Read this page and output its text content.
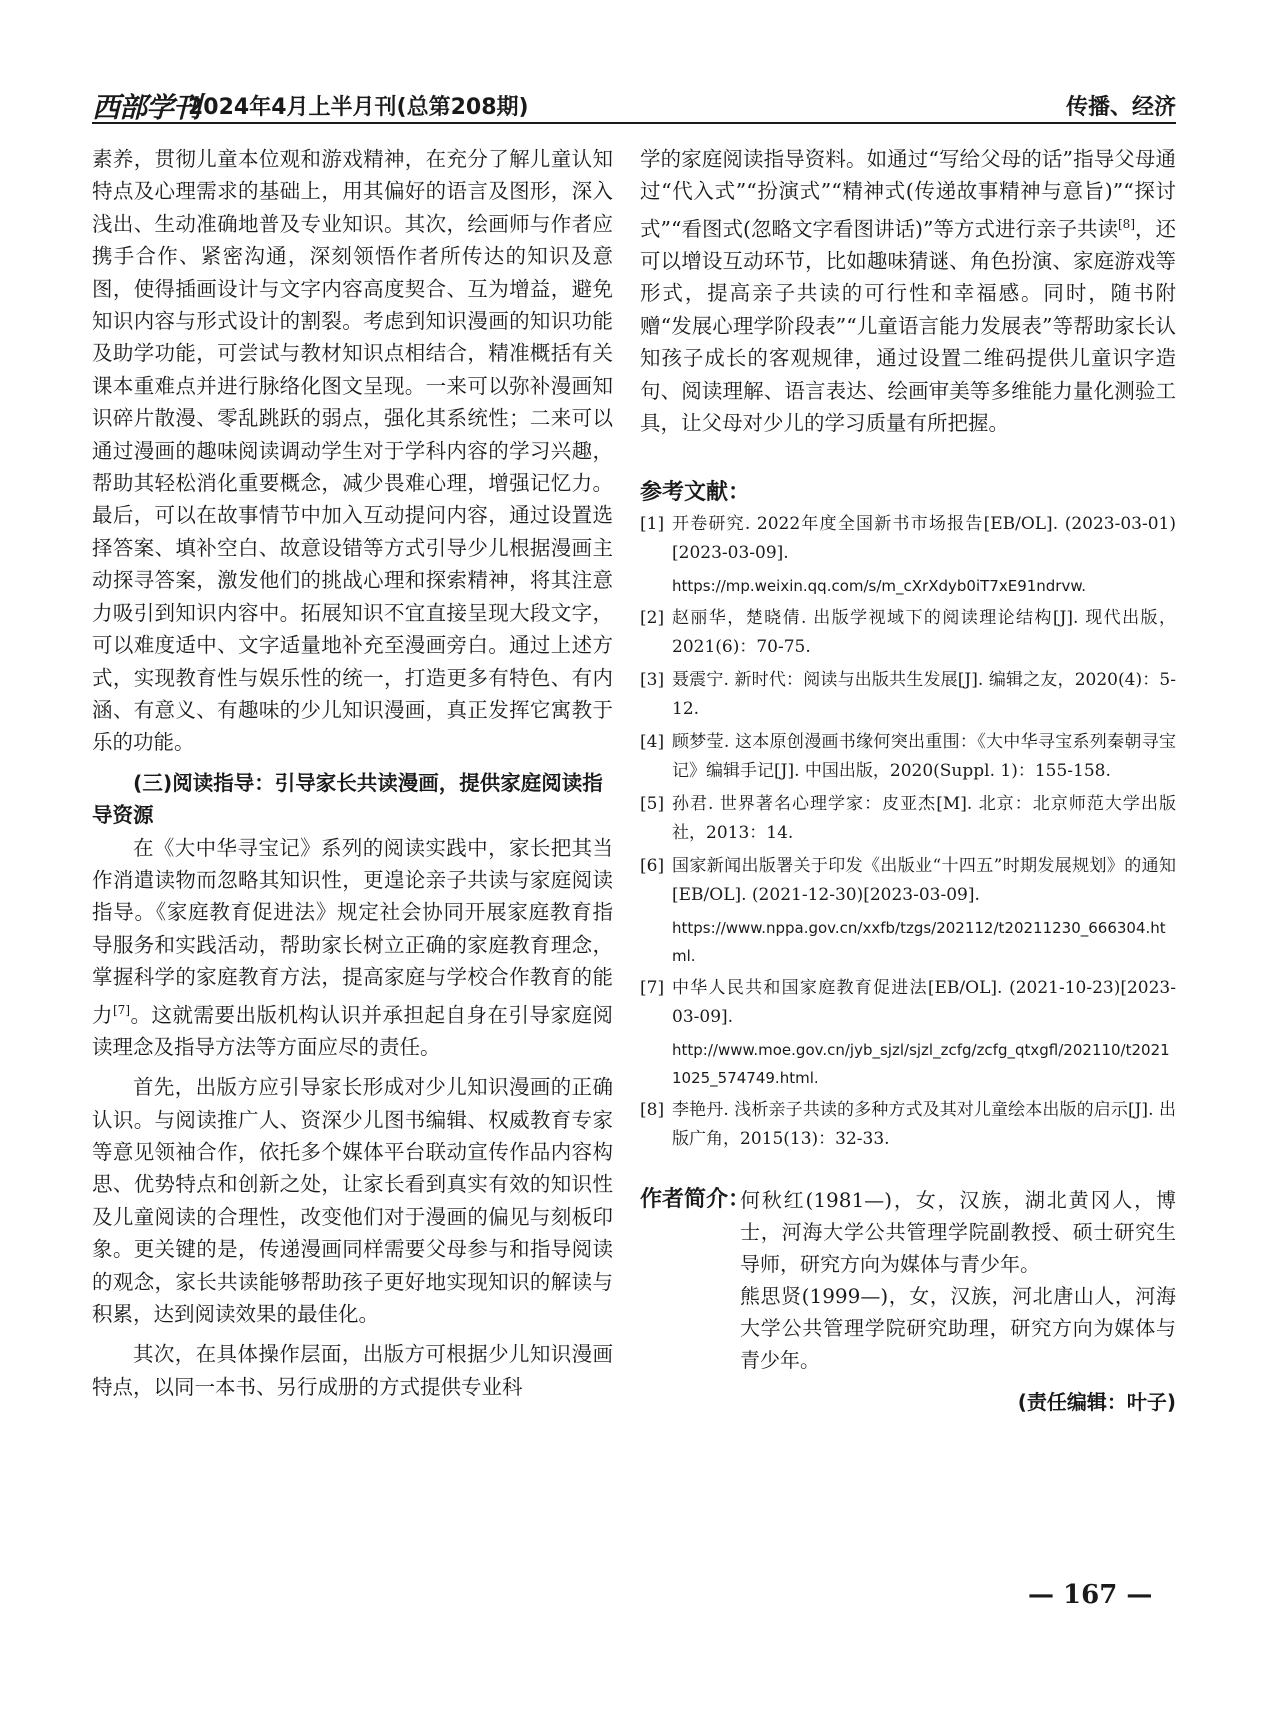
西部学刊
2024年4月上半月刊(总第208期)	传播、经济

素养，贯彻儿童本位观和游戏精神，在充分了解儿童认知特点及心理需求的基础上，用其偏好的语言及图形，深入浅出、生动准确地普及专业知识。其次，绘画师与作者应携手合作、紧密沟通，深刻领悟作者所传达的知识及意图，使得插画设计与文字内容高度契合、互为增益，避免知识内容与形式设计的割裂。考虑到知识漫画的知识功能及助学功能，可尝试与教材知识点相结合，精准概括有关课本重难点并进行脉络化图文呈现。一来可以弥补漫画知识碎片散漫、零乱跳跃的弱点，强化其系统性；二来可以通过漫画的趣味阅读调动学生对于学科内容的学习兴趣，帮助其轻松消化重要概念，减少畏难心理，增强记忆力。最后，可以在故事情节中加入互动提问内容，通过设置选择答案、填补空白、故意设错等方式引导少儿根据漫画主动探寻答案，激发他们的挑战心理和探索精神，将其注意力吸引到知识内容中。拓展知识不宜直接呈现大段文字，可以难度适中、文字适量地补充至漫画旁白。通过上述方式，实现教育性与娱乐性的统一，打造更多有特色、有内涵、有意义、有趣味的少儿知识漫画，真正发挥它寓教于乐的功能。

(三)阅读指导：引导家长共读漫画，提供家庭阅读指导资源

在《大中华寻宝记》系列的阅读实践中，家长把其当作消遣读物而忽略其知识性，更遑论亲子共读与家庭阅读指导。《家庭教育促进法》规定社会协同开展家庭教育指导服务和实践活动，帮助家长树立正确的家庭教育理念，掌握科学的家庭教育方法，提高家庭与学校合作教育的能力[7]。这就需要出版机构认识并承担起自身在引导家庭阅读理念及指导方法等方面应尽的责任。

首先，出版方应引导家长形成对少儿知识漫画的正确认识。与阅读推广人、资深少儿图书编辑、权威教育专家等意见领袖合作，依托多个媒体平台联动宣传作品内容构思、优势特点和创新之处，让家长看到真实有效的知识性及儿童阅读的合理性，改变他们对于漫画的偏见与刻板印象。更关键的是，传递漫画同样需要父母参与和指导阅读的观念，家长共读能够帮助孩子更好地实现知识的解读与积累，达到阅读效果的最佳化。

其次，在具体操作层面，出版方可根据少儿知识漫画特点，以同一本书、另行成册的方式提供专业科

学的家庭阅读指导资料。如通过“写给父母的话”指导父母通过“代入式”“扮演式”“精神式(传递故事精神与意旨)”“探讨式”“看图式(忽略文字看图讲话)”等方式进行亲子共读[8]，还可以增设互动环节，比如趣味猜谜、角色扮演、家庭游戏等形式，提高亲子共读的可行性和幸福感。同时，随书附赠“发展心理学阶段表”“儿童语言能力发展表”等帮助家长认知孩子成长的客观规律，通过设置二维码提供儿童识字造句、阅读理解、语言表达、绘画审美等多维能力量化测验工具，让父母对少儿的学习质量有所把握。

参考文献：
[1] 开卷研究. 2022年度全国新书市场报告[EB/OL]. (2023-03-01)[2023-03-09].
https://mp.weixin.qq.com/s/m_cXrXdyb0iT7xE91ndrvw.
[2] 赵丽华，楚晓倩. 出版学视域下的阅读理论结构[J]. 现代出版，2021(6)：70-75.
[3] 聂震宁. 新时代：阅读与出版共生发展[J]. 编辑之友，2020(4)：5-12.
[4] 顾梦莹. 这本原创漫画书缘何突出重围：《大中华寻宝系列秦朝寻宝记》编辑手记[J]. 中国出版，2020(Suppl. 1)：155-158.
[5] 孙君. 世界著名心理学家：皮亚杰[M]. 北京：北京师范大学出版社，2013：14.
[6] 国家新闻出版署关于印发《出版业“十四五”时期发展规划》的通知[EB/OL]. (2021-12-30)[2023-03-09].
https://www.nppa.gov.cn/xxfb/tzgs/202112/t20211230_666304.html.
[7] 中华人民共和国家庭教育促进法[EB/OL]. (2021-10-23)[2023-03-09].
http://www.moe.gov.cn/jyb_sjzl/sjzl_zcfg/zcfg_qtxgfl/202110/t20211025_574749.html.
[8] 李艳丹. 浅析亲子共读的多种方式及其对儿童绘本出版的启示[J]. 出版广角，2015(13)：32-33.
作者简介：
何秋红(1981—)，女，汉族，湖北黄冈人，博士，河海大学公共管理学院副教授、硕士研究生导师，研究方向为媒体与青少年。
熊思贤(1999—)，女，汉族，河北唐山人，河海大学公共管理学院研究助理，研究方向为媒体与青少年。
(责任编辑：叶子)
— 167 —
